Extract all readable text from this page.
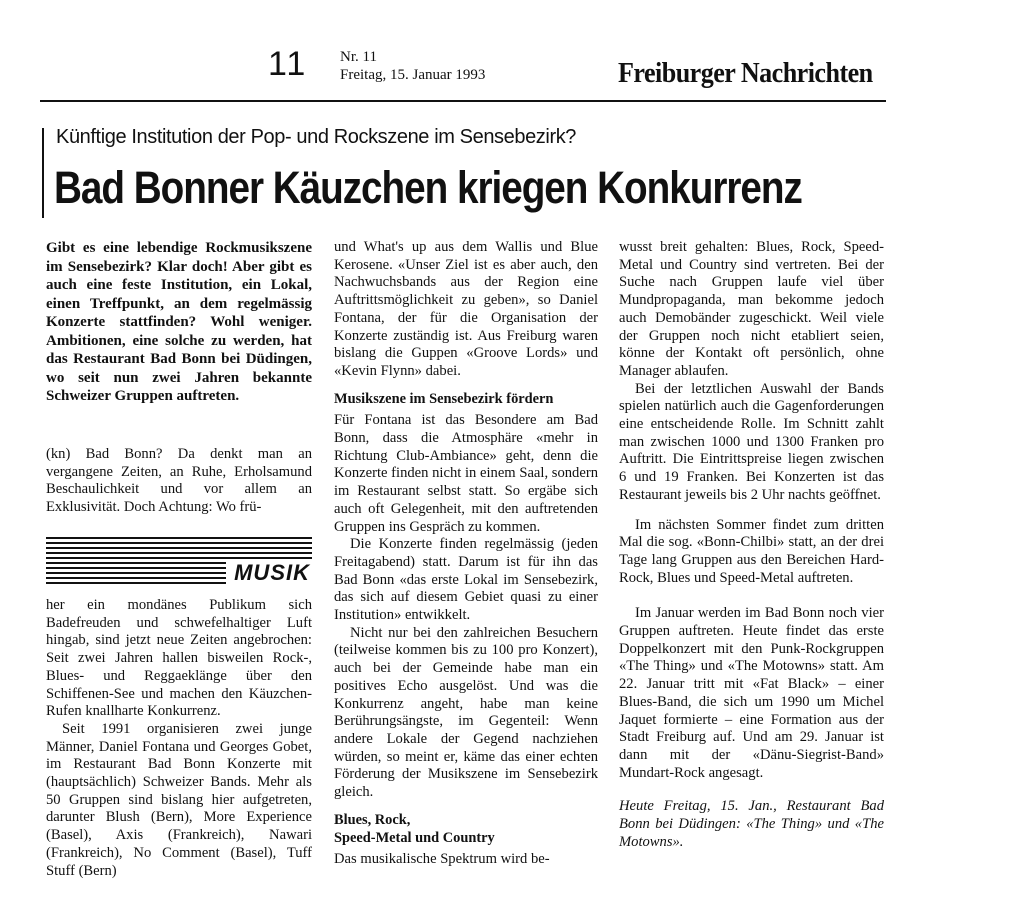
11 Nr. 11
Freitag, 15. Januar 1993	Freiburger Nachrichten
Künftige Institution der Pop- und Rockszene im Sensebezirk?
Bad Bonner Käuzchen kriegen Konkurrenz

Gibt es eine lebendige Rockmusikszene im Sensebezirk? Klar doch! Aber gibt es auch eine feste Institution, ein Lokal, einen Treffpunkt, an dem regelmässig Konzerte stattfinden? Wohl weniger. Ambitionen, eine solche zu werden, hat das Restaurant Bad Bonn bei Düdingen, wo seit nun zwei Jahren bekannte Schweizer Gruppen auftreten.

(kn) Bad Bonn? Da denkt man an vergangene Zeiten, an Ruhe, Erholsamund Beschaulichkeit und vor allem an Exklusivität. Doch Achtung: Wo frü-

MUSIK

her ein mondänes Publikum sich Badefreuden und schwefelhaltiger Luft hingab, sind jetzt neue Zeiten angebrochen: Seit zwei Jahren hallen bisweilen Rock-, Blues- und Reggaeklänge über den Schiffenen-See und machen den Käuzchen-Rufen knallharte Konkurrenz.

Seit 1991 organisieren zwei junge Männer, Daniel Fontana und Georges Gobet, im Restaurant Bad Bonn Konzerte mit (hauptsächlich) Schweizer Bands. Mehr als 50 Gruppen sind bislang hier aufgetreten, darunter Blush (Bern), More Experience (Basel), Axis (Frankreich), Nawari (Frankreich), No Comment (Basel), Tuff Stuff (Bern)

und What's up aus dem Wallis und Blue Kerosene. «Unser Ziel ist es aber auch, den Nachwuchsbands aus der Region eine Auftrittsmöglichkeit zu geben», so Daniel Fontana, der für die Organisation der Konzerte zuständig ist. Aus Freiburg waren bislang die Guppen «Groove Lords» und «Kevin Flynn» dabei.

Musikszene im Sensebezirk fördern

Für Fontana ist das Besondere am Bad Bonn, dass die Atmosphäre «mehr in Richtung Club-Ambiance» geht, denn die Konzerte finden nicht in einem Saal, sondern im Restaurant selbst statt. So ergäbe sich auch oft Gelegenheit, mit den auftretenden Gruppen ins Gespräch zu kommen.

Die Konzerte finden regelmässig (jeden Freitagabend) statt. Darum ist für ihn das Bad Bonn «das erste Lokal im Sensebezirk, das sich auf diesem Gebiet quasi zu einer Institution» entwikkelt.

Nicht nur bei den zahlreichen Besuchern (teilweise kommen bis zu 100 pro Konzert), auch bei der Gemeinde habe man ein positives Echo ausgelöst. Und was die Konkurrenz angeht, habe man keine Berührungsängste, im Gegenteil: Wenn andere Lokale der Gegend nachziehen würden, so meint er, käme das einer echten Förderung der Musikszene im Sensebezirk gleich.

Blues, Rock,

Speed-Metal und Country

Das musikalische Spektrum wird be-

wusst breit gehalten: Blues, Rock, Speed-Metal und Country sind vertreten. Bei der Suche nach Gruppen laufe viel über Mundpropaganda, man bekomme jedoch auch Demobänder zugeschickt. Weil viele der Gruppen noch nicht etabliert seien, könne der Kontakt oft persönlich, ohne Manager ablaufen.

Bei der letztlichen Auswahl der Bands spielen natürlich auch die Gagenforderungen eine entscheidende Rolle. Im Schnitt zahlt man zwischen 1000 und 1300 Franken pro Auftritt. Die Eintrittspreise liegen zwischen 6 und 19 Franken. Bei Konzerten ist das Restaurant jeweils bis 2 Uhr nachts geöffnet.

Im nächsten Sommer findet zum dritten Mal die sog. «Bonn-Chilbi» statt, an der drei Tage lang Gruppen aus den Bereichen Hard-Rock, Blues und Speed-Metal auftreten.

Im Januar werden im Bad Bonn noch vier Gruppen auftreten. Heute findet das erste Doppelkonzert mit den Punk-Rockgruppen «The Thing» und «The Motowns» statt. Am 22. Januar tritt mit «Fat Black» – einer Blues-Band, die sich um 1990 um Michel Jaquet formierte – eine Formation aus der Stadt Freiburg auf. Und am 29. Januar ist dann mit der «Dänu-Siegrist-Band» Mundart-Rock angesagt.

Heute Freitag, 15. Jan., Restaurant Bad Bonn bei Düdingen: «The Thing» und «The Motowns».
